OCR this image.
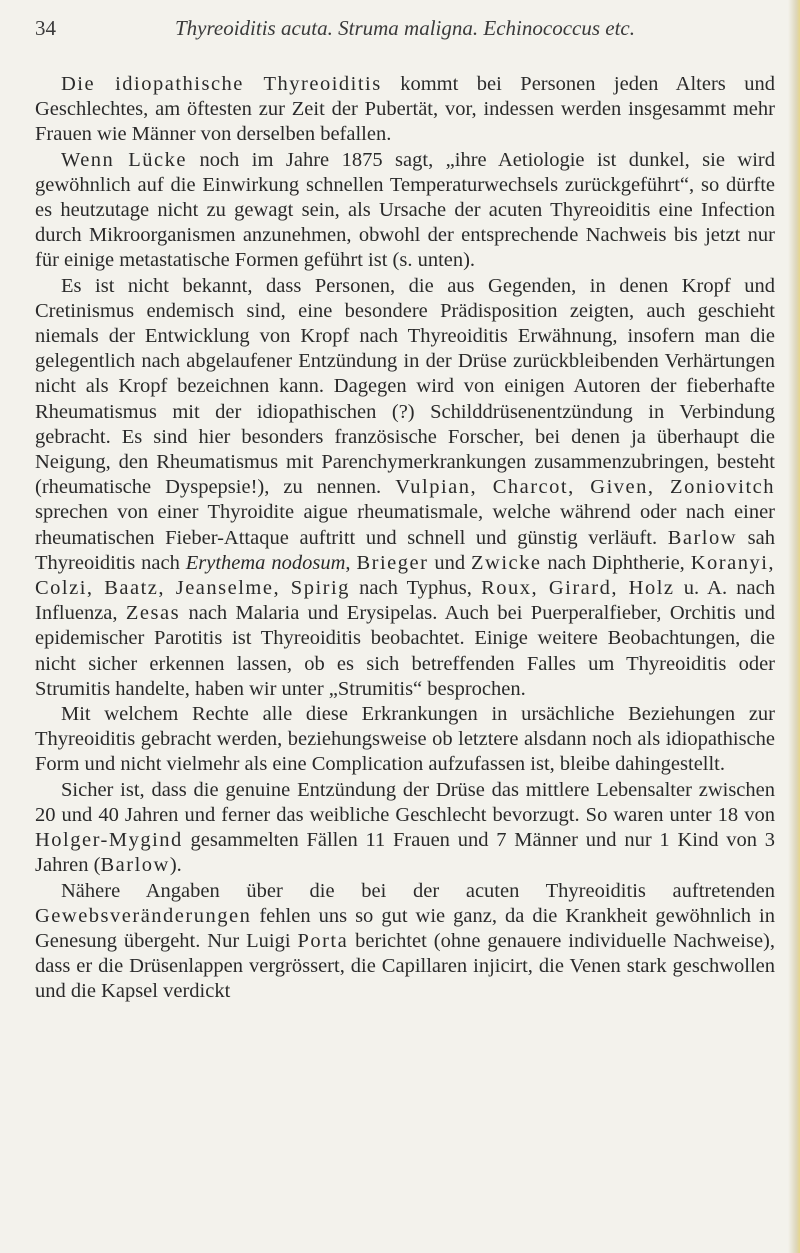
34	Thyreoiditis acuta. Struma maligna. Echinococcus etc.

Die idiopathische Thyreoiditis kommt bei Personen jeden Alters und Geschlechtes, am öftesten zur Zeit der Pubertät, vor, indessen werden insgesammt mehr Frauen wie Männer von derselben befallen.

Wenn Lücke noch im Jahre 1875 sagt, „ihre Aetiologie ist dunkel, sie wird gewöhnlich auf die Einwirkung schnellen Temperaturwechsels zurückgeführt“, so dürfte es heutzutage nicht zu gewagt sein, als Ursache der acuten Thyreoiditis eine Infection durch Mikroorganismen anzunehmen, obwohl der entsprechende Nachweis bis jetzt nur für einige metastatische Formen geführt ist (s. unten).

Es ist nicht bekannt, dass Personen, die aus Gegenden, in denen Kropf und Cretinismus endemisch sind, eine besondere Prädisposition zeigten, auch geschieht niemals der Entwicklung von Kropf nach Thyreoiditis Erwähnung, insofern man die gelegentlich nach abgelaufener Entzündung in der Drüse zurückbleibenden Verhärtungen nicht als Kropf bezeichnen kann. Dagegen wird von einigen Autoren der fieberhafte Rheumatismus mit der idiopathischen (?) Schilddrüsenentzündung in Verbindung gebracht. Es sind hier besonders französische Forscher, bei denen ja überhaupt die Neigung, den Rheumatismus mit Parenchymerkrankungen zusammenzubringen, besteht (rheumatische Dyspepsie!), zu nennen. Vulpian, Charcot, Given, Zoniovitch sprechen von einer Thyroidite aigue rheumatismale, welche während oder nach einer rheumatischen Fieber-Attaque auftritt und schnell und günstig verläuft. Barlow sah Thyreoiditis nach Erythema nodosum, Brieger und Zwicke nach Diphtherie, Koranyi, Colzi, Baatz, Jeanselme, Spirig nach Typhus, Roux, Girard, Holz u. A. nach Influenza, Zesas nach Malaria und Erysipelas. Auch bei Puerperalfieber, Orchitis und epidemischer Parotitis ist Thyreoiditis beobachtet. Einige weitere Beobachtungen, die nicht sicher erkennen lassen, ob es sich betreffenden Falles um Thyreoiditis oder Strumitis handelte, haben wir unter „Strumitis“ besprochen.

Mit welchem Rechte alle diese Erkrankungen in ursächliche Beziehungen zur Thyreoiditis gebracht werden, beziehungsweise ob letztere alsdann noch als idiopathische Form und nicht vielmehr als eine Complication aufzufassen ist, bleibe dahingestellt.

Sicher ist, dass die genuine Entzündung der Drüse das mittlere Lebensalter zwischen 20 und 40 Jahren und ferner das weibliche Geschlecht bevorzugt. So waren unter 18 von Holger-Mygind gesammelten Fällen 11 Frauen und 7 Männer und nur 1 Kind von 3 Jahren (Barlow).

Nähere Angaben über die bei der acuten Thyreoiditis auftretenden Gewebsveränderungen fehlen uns so gut wie ganz, da die Krankheit gewöhnlich in Genesung übergeht. Nur Luigi Porta berichtet (ohne genauere individuelle Nachweise), dass er die Drüsenlappen vergrössert, die Capillaren injicirt, die Venen stark geschwollen und die Kapsel verdickt
